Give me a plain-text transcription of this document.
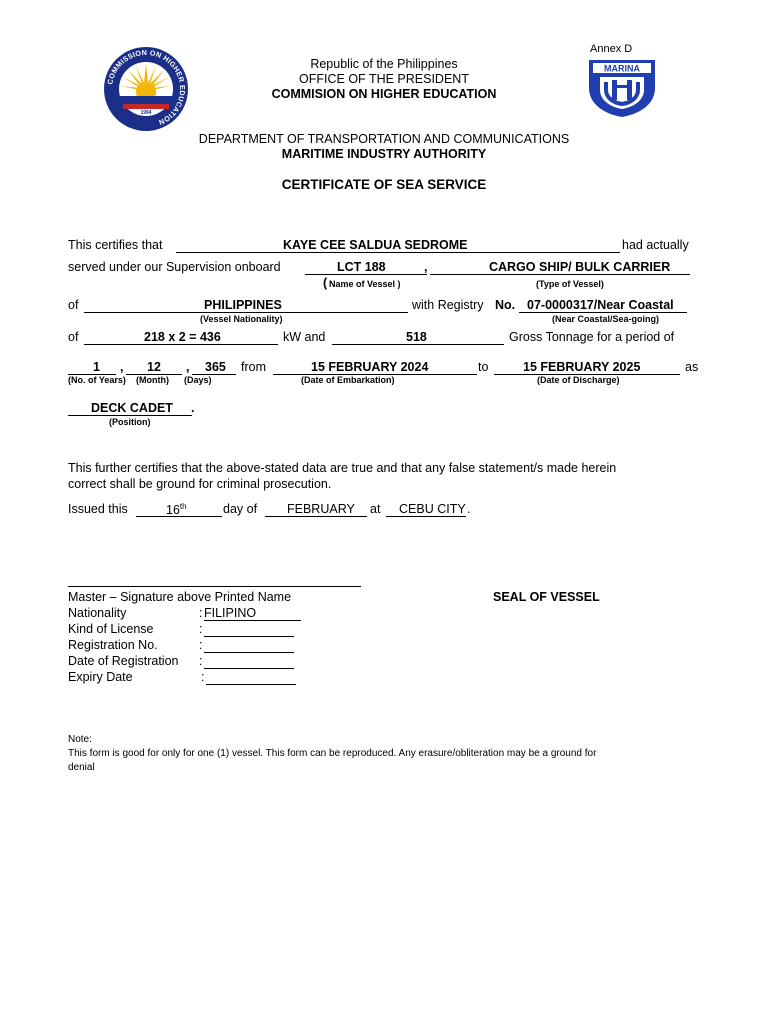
COMMISSION ON HIGHER EDUCATION
1994
Republic of the Philippines
OFFICE OF THE PRESIDENT
COMMISION ON HIGHER EDUCATION
Annex D
MARINA
DEPARTMENT OF TRANSPORTATION AND COMMUNICATIONS
MARITIME INDUSTRY AUTHORITY
CERTIFICATE OF SEA SERVICE
This certifies that	KAYE CEE SALDUA SEDROME	had actually
served under our Supervision onboard	LCT 188	,	CARGO SHIP/ BULK CARRIER
( Name of Vessel )	(Type of Vessel)
of	PHILIPPINES	with Registry No. 07-0000317/Near Coastal
(Vessel Nationality)	(Near Coastal/Sea-going)
of	218 x 2 = 436	kW and	518	Gross Tonnage for a period of
1 , 12 , 365 from	15 FEBRUARY 2024	to	15 FEBRUARY 2025	as
(No. of Years) (Month) (Days)	(Date of Embarkation)	(Date of Discharge)
DECK CADET .
(Position)
This further certifies that the above-stated data are true and that any false statement/s made herein
correct shall be ground for criminal prosecution.
Issued this	16th	day of FEBRUARY at CEBU CITY .
Master – Signature above Printed Name	SEAL OF VESSEL
Nationality	: FILIPINO
Kind of License	:
Registration No.	:
Date of Registration :
Expiry Date	:
Note:
This form is good for only for one (1) vessel. This form can be reproduced. Any erasure/obliteration may be a ground for
denial
